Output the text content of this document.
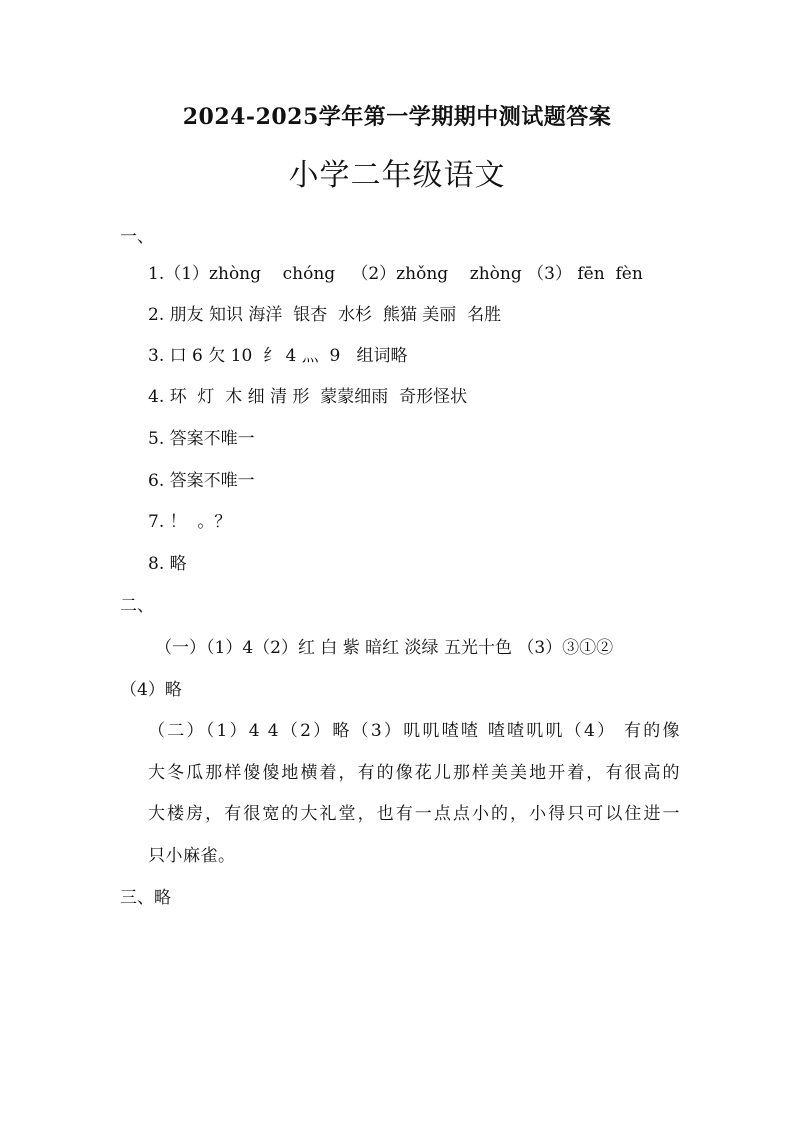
2024-2025学年第一学期期中测试题答案
小学二年级语文
一、
1.（1）zhòng    chóng   （2）zhǒng    zhòng （3） fēn  fèn
2. 朋友 知识 海洋  银杏  水杉  熊猫 美丽  名胜
3. 口 6 欠 10  纟 4 灬  9   组词略
4. 环  灯  木 细 清 形  蒙蒙细雨  奇形怪状
5. 答案不唯一
6. 答案不唯一
7. ！  。？
8. 略
二、
（一）（1）4（2）红 白 紫 暗红 淡绿 五光十色 （3）③①②
（4）略
（二）（1）4 4（2）略（3）叽叽喳喳 喳喳叽叽（4） 有的像
大冬瓜那样傻傻地横着，有的像花儿那样美美地开着，有很高的
大楼房，有很宽的大礼堂，也有一点点小的，小得只可以住进一
只小麻雀。
三、略
